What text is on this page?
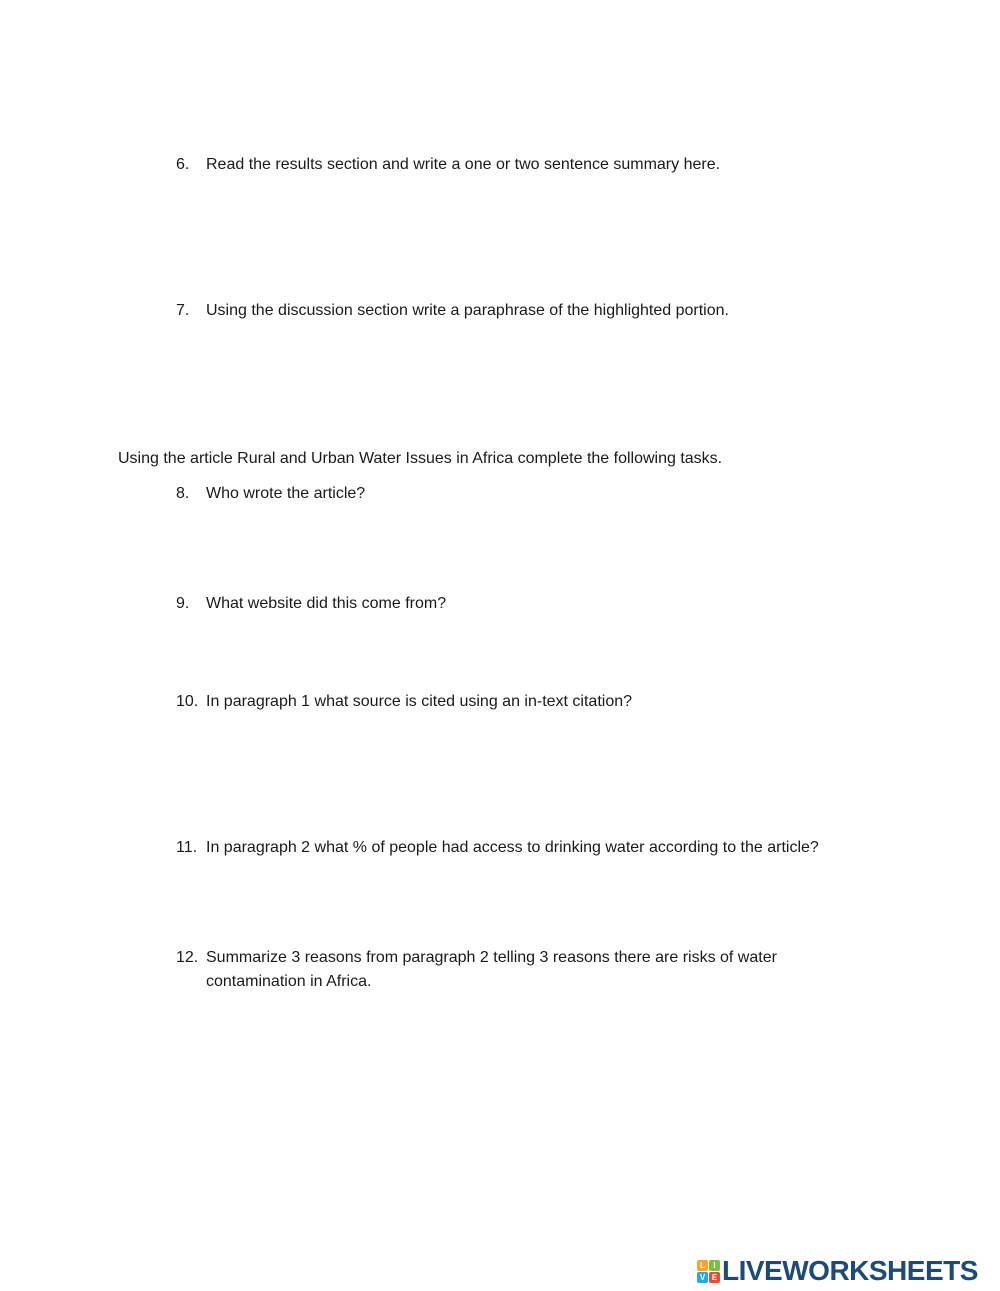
6.	Read the results section and write a one or two sentence summary here.
7.	Using the discussion section write a paraphrase of the highlighted portion.
Using the article Rural and Urban Water Issues in Africa complete the following tasks.
8.	Who wrote the article?
9.	What website did this come from?
10. In paragraph 1 what source is cited using an in-text citation?
11. In paragraph 2 what % of people had access to drinking water according to the article?
12. Summarize 3 reasons from paragraph 2 telling 3 reasons there are risks of water contamination in Africa.
L	I
V E LIVEWORKSHEETS
